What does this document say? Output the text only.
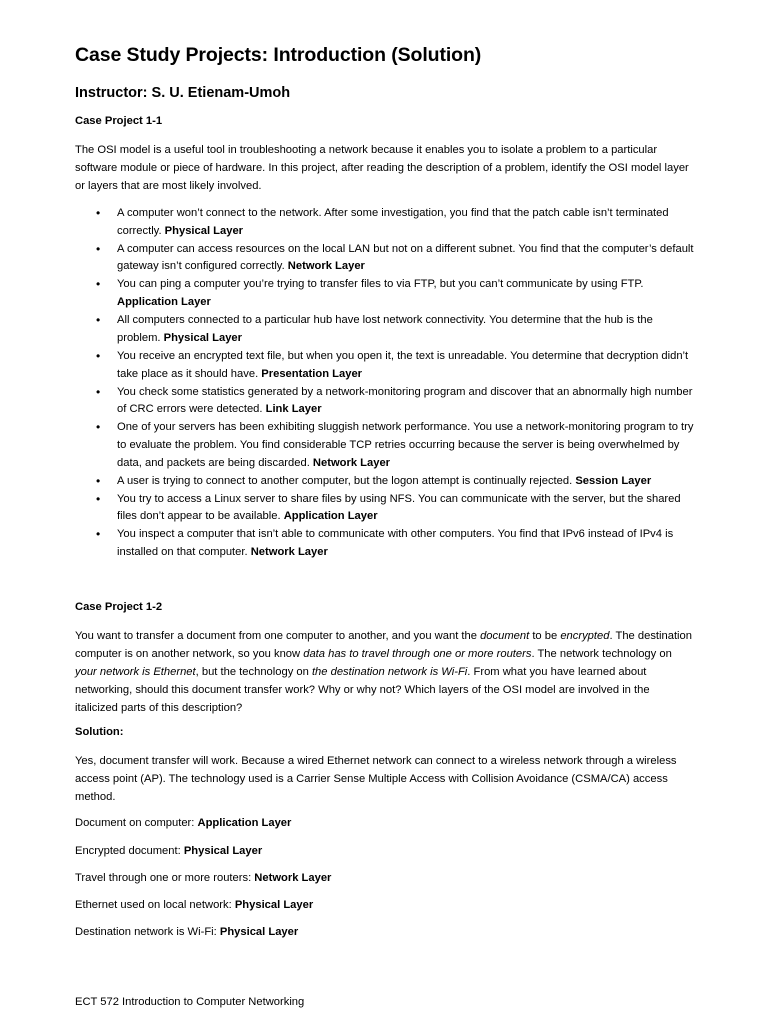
Case Study Projects: Introduction (Solution)

Instructor: S. U. Etienam-Umoh

Case Project 1-1

The OSI model is a useful tool in troubleshooting a network because it enables you to isolate a problem to a particular software module or piece of hardware. In this project, after reading the description of a problem, identify the OSI model layer or layers that are most likely involved.

• A computer won’t connect to the network. After some investigation, you find that the patch cable isn’t terminated correctly. Physical Layer
• A computer can access resources on the local LAN but not on a different subnet. You find that the computer’s default gateway isn’t configured correctly. Network Layer
• You can ping a computer you’re trying to transfer files to via FTP, but you can’t communicate by using FTP. Application Layer
• All computers connected to a particular hub have lost network connectivity. You determine that the hub is the problem. Physical Layer
• You receive an encrypted text file, but when you open it, the text is unreadable. You determine that decryption didn’t take place as it should have. Presentation Layer
• You check some statistics generated by a network-monitoring program and discover that an abnormally high number of CRC errors were detected. Link Layer
• One of your servers has been exhibiting sluggish network performance. You use a network-monitoring program to try to evaluate the problem. You find considerable TCP retries occurring because the server is being overwhelmed by data, and packets are being discarded. Network Layer
• A user is trying to connect to another computer, but the logon attempt is continually rejected. Session Layer
• You try to access a Linux server to share files by using NFS. You can communicate with the server, but the shared files don’t appear to be available. Application Layer
• You inspect a computer that isn’t able to communicate with other computers. You find that IPv6 instead of IPv4 is installed on that computer. Network Layer

Case Project 1-2

You want to transfer a document from one computer to another, and you want the document to be encrypted. The destination computer is on another network, so you know data has to travel through one or more routers. The network technology on your network is Ethernet, but the technology on the destination network is Wi-Fi. From what you have learned about networking, should this document transfer work? Why or why not? Which layers of the OSI model are involved in the italicized parts of this description?

Solution:

Yes, document transfer will work. Because a wired Ethernet network can connect to a wireless network through a wireless access point (AP). The technology used is a Carrier Sense Multiple Access with Collision Avoidance (CSMA/CA) access method.

Document on computer: Application Layer

Encrypted document: Physical Layer

Travel through one or more routers: Network Layer

Ethernet used on local network: Physical Layer

Destination network is Wi-Fi: Physical Layer

ECT 572 Introduction to Computer Networking
